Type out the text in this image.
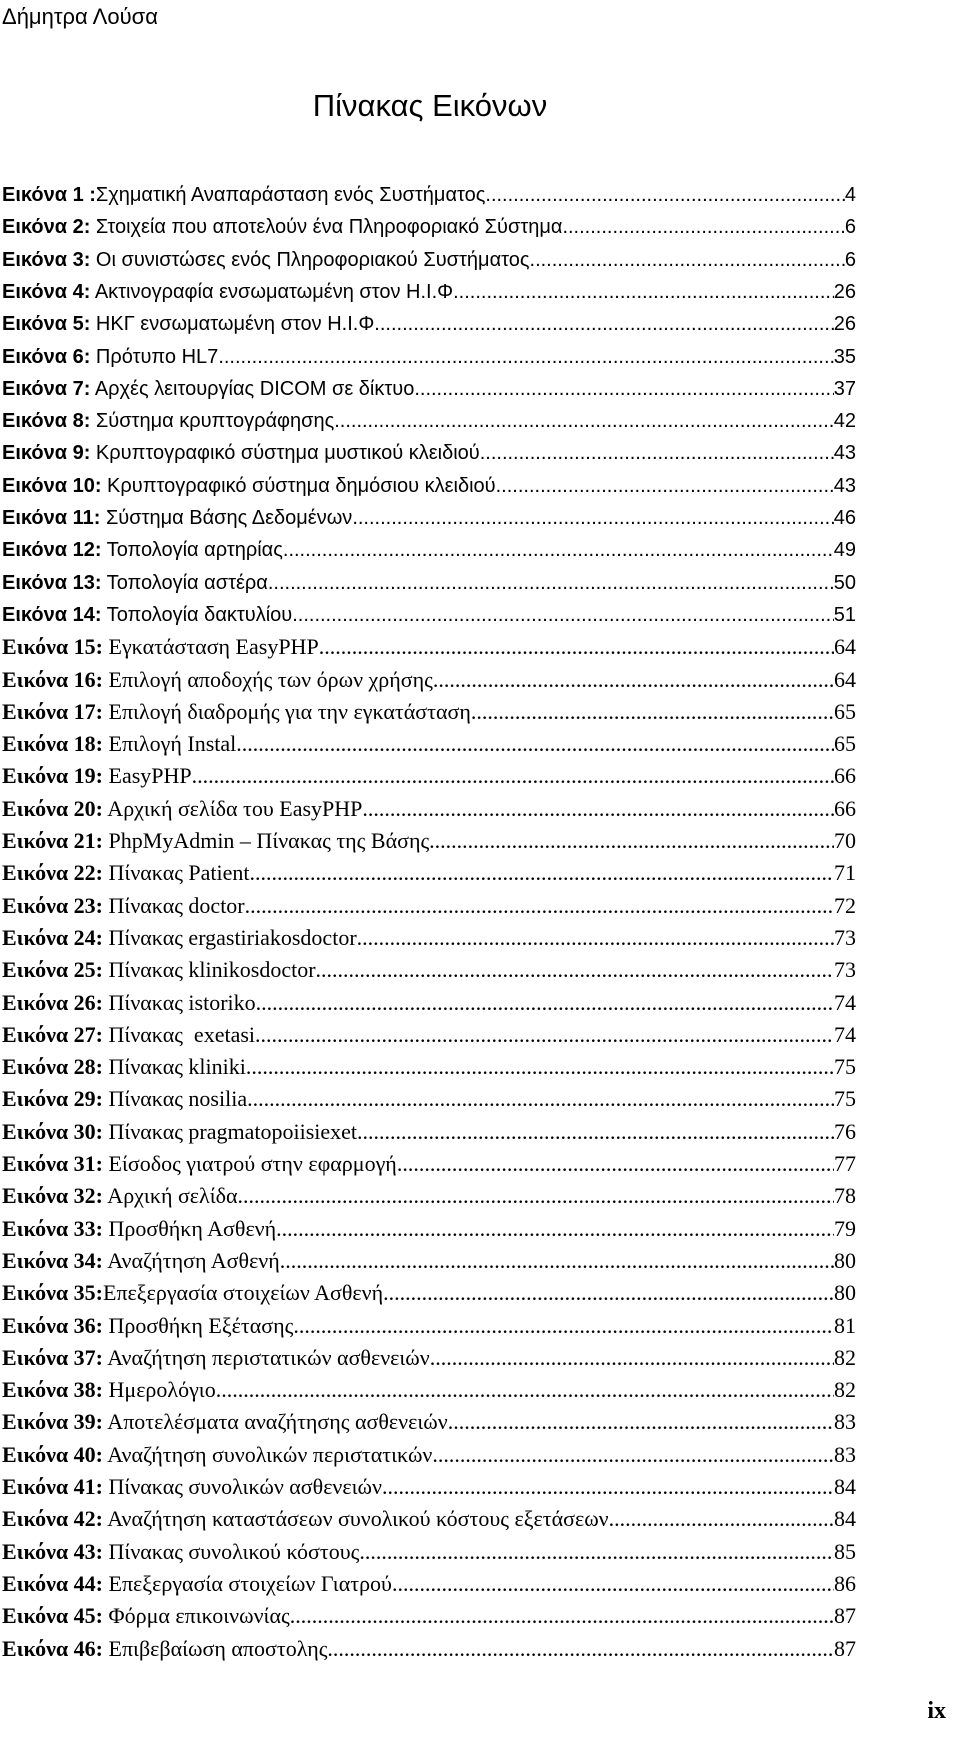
Δήμητρα Λούσα
Πίνακας Εικόνων
Εικόνα 1 : Σχηματική Αναπαράσταση ενός Συστήματος .....	4
Εικόνα 2: Στοιχεία που αποτελούν ένα Πληροφοριακό Σύστημα .....	6
Εικόνα 3: Οι συνιστώσες ενός Πληροφοριακού Συστήματος .....	6
Εικόνα 4: Ακτινογραφία ενσωματωμένη στον Η.Ι.Φ. .....	26
Εικόνα 5: ΗΚΓ ενσωματωμένη στον Η.Ι.Φ. .....	26
Εικόνα 6: Πρότυπο HL7 .....	35
Εικόνα 7: Αρχές λειτουργίας DICOM σε δίκτυο .....	37
Εικόνα 8: Σύστημα κρυπτογράφησης .....	42
Εικόνα 9: Κρυπτογραφικό σύστημα μυστικού κλειδιού .....	43
Εικόνα 10: Κρυπτογραφικό σύστημα δημόσιου κλειδιού .....	43
Εικόνα 11: Σύστημα Βάσης Δεδομένων .....	46
Εικόνα 12: Τοπολογία αρτηρίας .....	49
Εικόνα 13: Τοπολογία αστέρα .....	50
Εικόνα 14: Τοπολογία δακτυλίου .....	51
Εικόνα 15: Εγκατάσταση EasyPHP .....	64
Εικόνα 16: Επιλογή αποδοχής των όρων χρήσης .....	64
Εικόνα 17: Επιλογή διαδρομής για την εγκατάσταση .....	65
Εικόνα 18: Επιλογή Instal .....	65
Εικόνα 19: EasyPHP .....	66
Εικόνα 20: Αρχική σελίδα του EasyPHP .....	66
Εικόνα 21: PhpMyAdmin – Πίνακας της Βάσης .....	70
Εικόνα 22: Πίνακας Patient .....	71
Εικόνα 23: Πίνακας doctor .....	72
Εικόνα 24: Πίνακας ergastiriakosdoctor .....	73
Εικόνα 25: Πίνακας klinikosdoctor .....	73
Εικόνα 26: Πίνακας istoriko .....	74
Εικόνα 27: Πίνακας  exetasi .....	74
Εικόνα 28: Πίνακας kliniki .....	75
Εικόνα 29: Πίνακας nosilia .....	75
Εικόνα 30: Πίνακας pragmatopoiisiexet .....	76
Εικόνα 31: Είσοδος γιατρού στην εφαρμογή .....	77
Εικόνα 32: Αρχική σελίδα .....	78
Εικόνα 33: Προσθήκη Ασθενή .....	79
Εικόνα 34: Αναζήτηση Ασθενή .....	80
Εικόνα 35: Επεξεργασία στοιχείων Ασθενή .....	80
Εικόνα 36: Προσθήκη Εξέτασης .....	81
Εικόνα 37: Αναζήτηση περιστατικών ασθενειών .....	82
Εικόνα 38: Ημερολόγιο .....	82
Εικόνα 39: Αποτελέσματα αναζήτησης ασθενειών .....	83
Εικόνα 40: Αναζήτηση συνολικών περιστατικών .....	83
Εικόνα 41: Πίνακας συνολικών ασθενειών .....	84
Εικόνα 42: Αναζήτηση καταστάσεων συνολικού κόστους εξετάσεων .....	84
Εικόνα 43: Πίνακας συνολικού κόστους .....	85
Εικόνα 44: Επεξεργασία στοιχείων Γιατρού .....	86
Εικόνα 45: Φόρμα επικοινωνίας .....	87
Εικόνα 46: Επιβεβαίωση αποστολης .....	87
ix
